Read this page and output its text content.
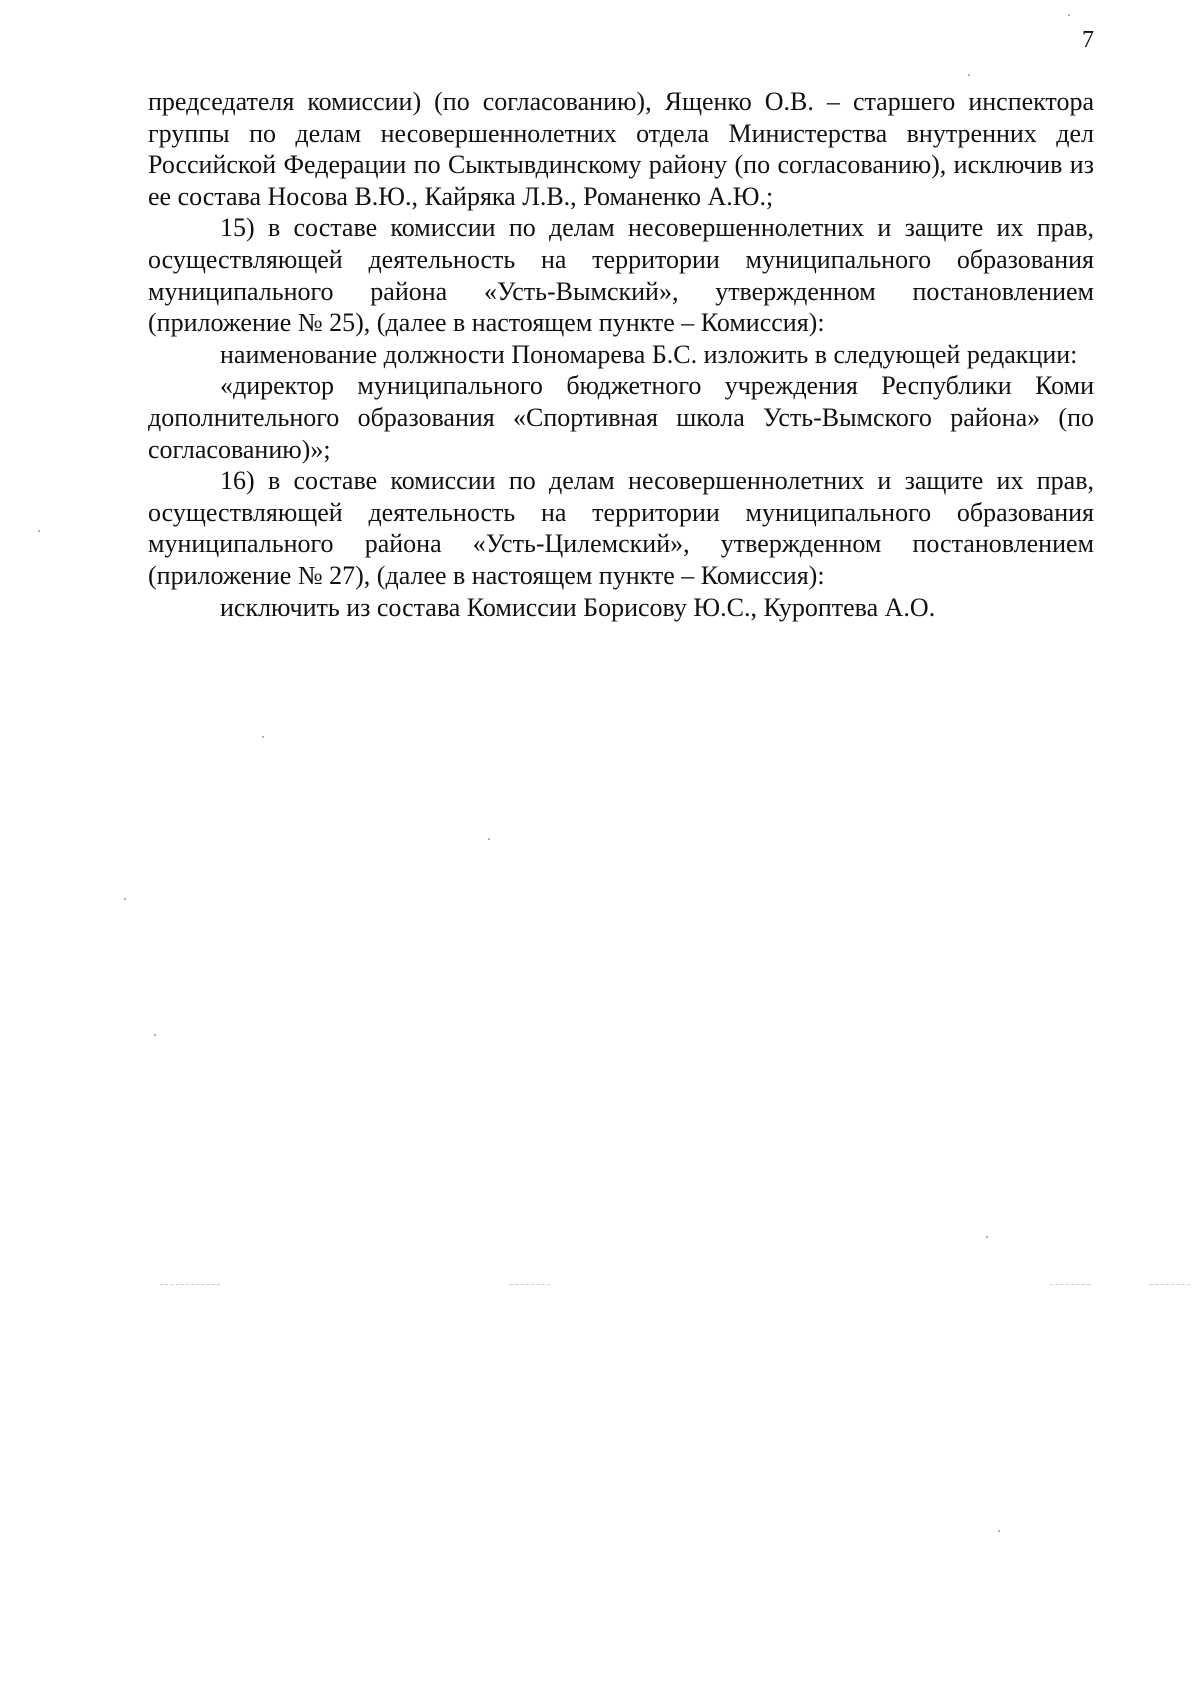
7

председателя комиссии) (по согласованию), Ященко О.В. – старшего инспектора группы по делам несовершеннолетних отдела Министерства внутренних дел Российской Федерации по Сыктывдинскому району (по согласованию), исключив из ее состава Носова В.Ю., Кайряка Л.В., Романенко А.Ю.;

15) в составе комиссии по делам несовершеннолетних и защите их прав, осуществляющей деятельность на территории муниципального образования муниципального района «Усть-Вымский», утвержденном постановлением (приложение № 25), (далее в настоящем пункте – Комиссия):

наименование должности Пономарева Б.С. изложить в следующей редакции:

«директор муниципального бюджетного учреждения Республики Коми дополнительного образования «Спортивная школа Усть-Вымского района» (по согласованию)»;

16) в составе комиссии по делам несовершеннолетних и защите их прав, осуществляющей деятельность на территории муниципального образования муниципального района «Усть-Цилемский», утвержденном постановлением (приложение № 27), (далее в настоящем пункте – Комиссия):

исключить из состава Комиссии Борисову Ю.С., Куроптева А.О.
